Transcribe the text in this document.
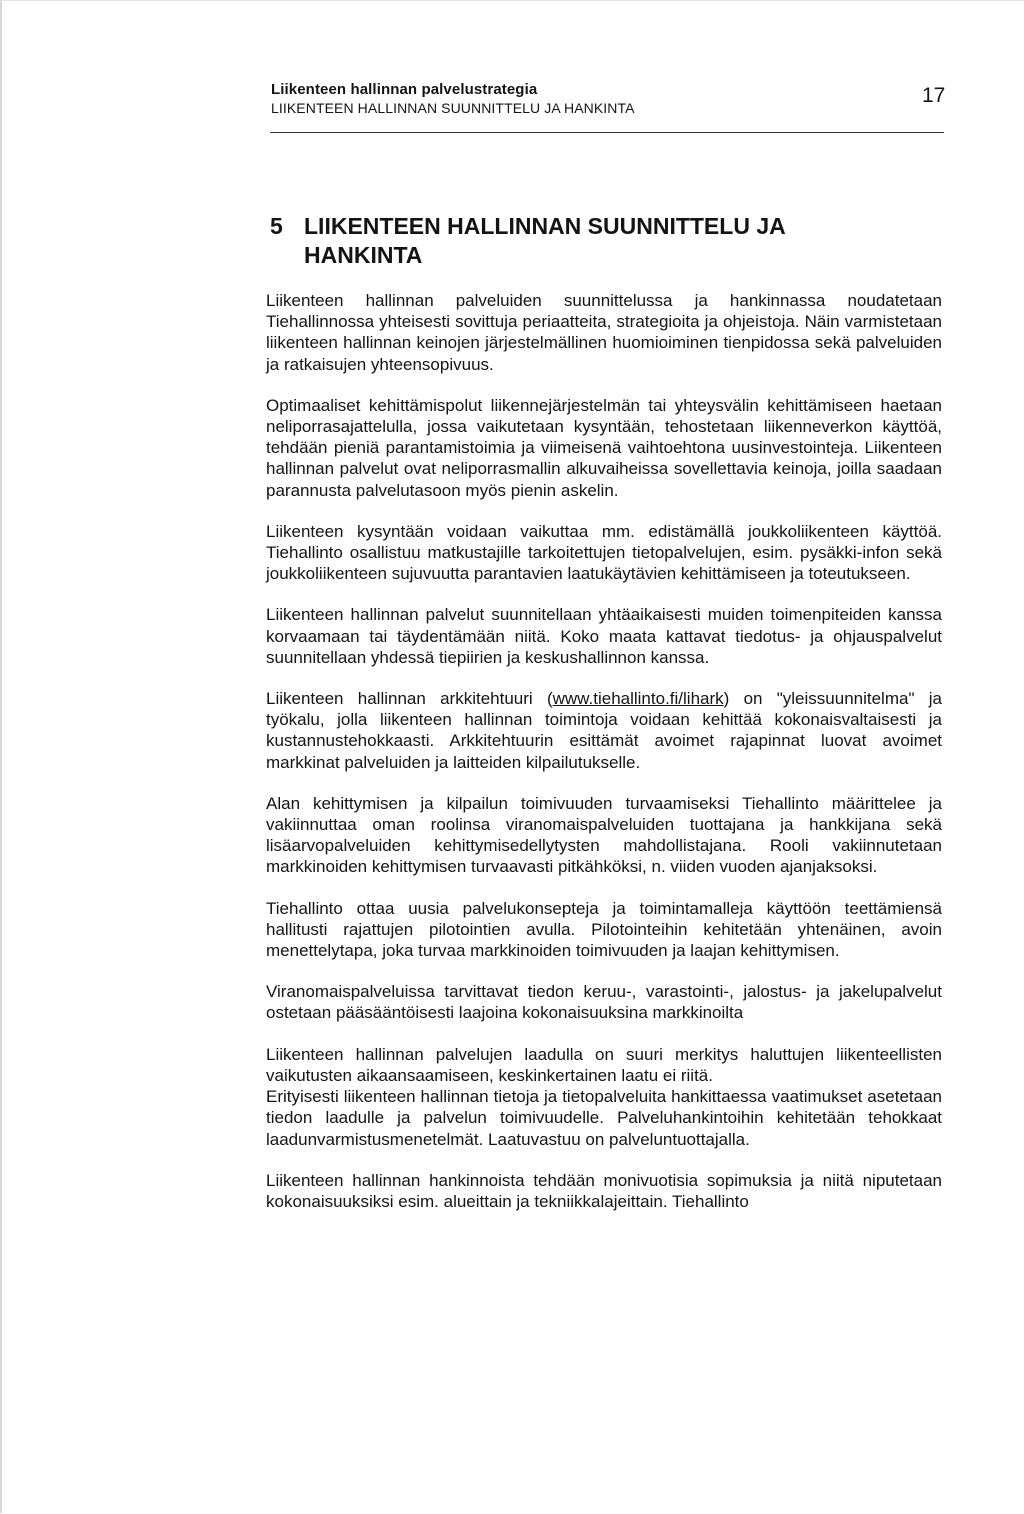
Liikenteen hallinnan palvelustrategia
LIIKENTEEN HALLINNAN SUUNNITTELU JA HANKINTA
17
5 LIIKENTEEN HALLINNAN SUUNNITTELU JA
HANKINTA

Liikenteen hallinnan palveluiden suunnittelussa ja hankinnassa noudatetaan Tiehallinnossa yhteisesti sovittuja periaatteita, strategioita ja ohjeistoja. Näin varmistetaan liikenteen hallinnan keinojen järjestelmällinen huomioiminen tienpidossa sekä palveluiden ja ratkaisujen yhteensopivuus.

Optimaaliset kehittämispolut liikennejärjestelmän tai yhteysvälin kehittämiseen haetaan neliporrasajattelulla, jossa vaikutetaan kysyntään, tehostetaan liikenneverkon käyttöä, tehdään pieniä parantamistoimia ja viimeisenä vaihtoehtona uusinvestointeja. Liikenteen hallinnan palvelut ovat neliporrasmallin alkuvaiheissa sovellettavia keinoja, joilla saadaan parannusta palvelutasoon myös pienin askelin.

Liikenteen kysyntään voidaan vaikuttaa mm. edistämällä joukkoliikenteen käyttöä. Tiehallinto osallistuu matkustajille tarkoitettujen tietopalvelujen, esim. pysäkki-infon sekä joukkoliikenteen sujuvuutta parantavien laatukäytävien kehittämiseen ja toteutukseen.

Liikenteen hallinnan palvelut suunnitellaan yhtäaikaisesti muiden toimenpiteiden kanssa korvaamaan tai täydentämään niitä. Koko maata kattavat tiedotus- ja ohjauspalvelut suunnitellaan yhdessä tiepiirien ja keskushallinnon kanssa.

Liikenteen hallinnan arkkitehtuuri (www.tiehallinto.fi/lihark) on "yleissuunnitelma" ja työkalu, jolla liikenteen hallinnan toimintoja voidaan kehittää kokonaisvaltaisesti ja kustannustehokkaasti. Arkkitehtuurin esittämät avoimet rajapinnat luovat avoimet markkinat palveluiden ja laitteiden kilpailutukselle.

Alan kehittymisen ja kilpailun toimivuuden turvaamiseksi Tiehallinto määrittelee ja vakiinnuttaa oman roolinsa viranomaispalveluiden tuottajana ja hankkijana sekä lisäarvopalveluiden kehittymisedellytysten mahdollistajana. Rooli vakiinnutetaan markkinoiden kehittymisen turvaavasti pitkähköksi, n. viiden vuoden ajanjaksoksi.

Tiehallinto ottaa uusia palvelukonsepteja ja toimintamalleja käyttöön teettämiensä hallitusti rajattujen pilotointien avulla. Pilotointeihin kehitetään yhtenäinen, avoin menettelytapa, joka turvaa markkinoiden toimivuuden ja laajan kehittymisen.

Viranomaispalveluissa tarvittavat tiedon keruu-, varastointi-, jalostus- ja jakelupalvelut ostetaan pääsääntöisesti laajoina kokonaisuuksina markkinoilta

Liikenteen hallinnan palvelujen laadulla on suuri merkitys haluttujen liikenteellisten vaikutusten aikaansaamiseen, keskinkertainen laatu ei riitä.

Erityisesti liikenteen hallinnan tietoja ja tietopalveluita hankittaessa vaatimukset asetetaan tiedon laadulle ja palvelun toimivuudelle. Palveluhankintoihin kehitetään tehokkaat laadunvarmistusmenetelmät. Laatuvastuu on palveluntuottajalla.

Liikenteen hallinnan hankinnoista tehdään monivuotisia sopimuksia ja niitä niputetaan kokonaisuuksiksi esim. alueittain ja tekniikkalajeittain. Tiehallinto
